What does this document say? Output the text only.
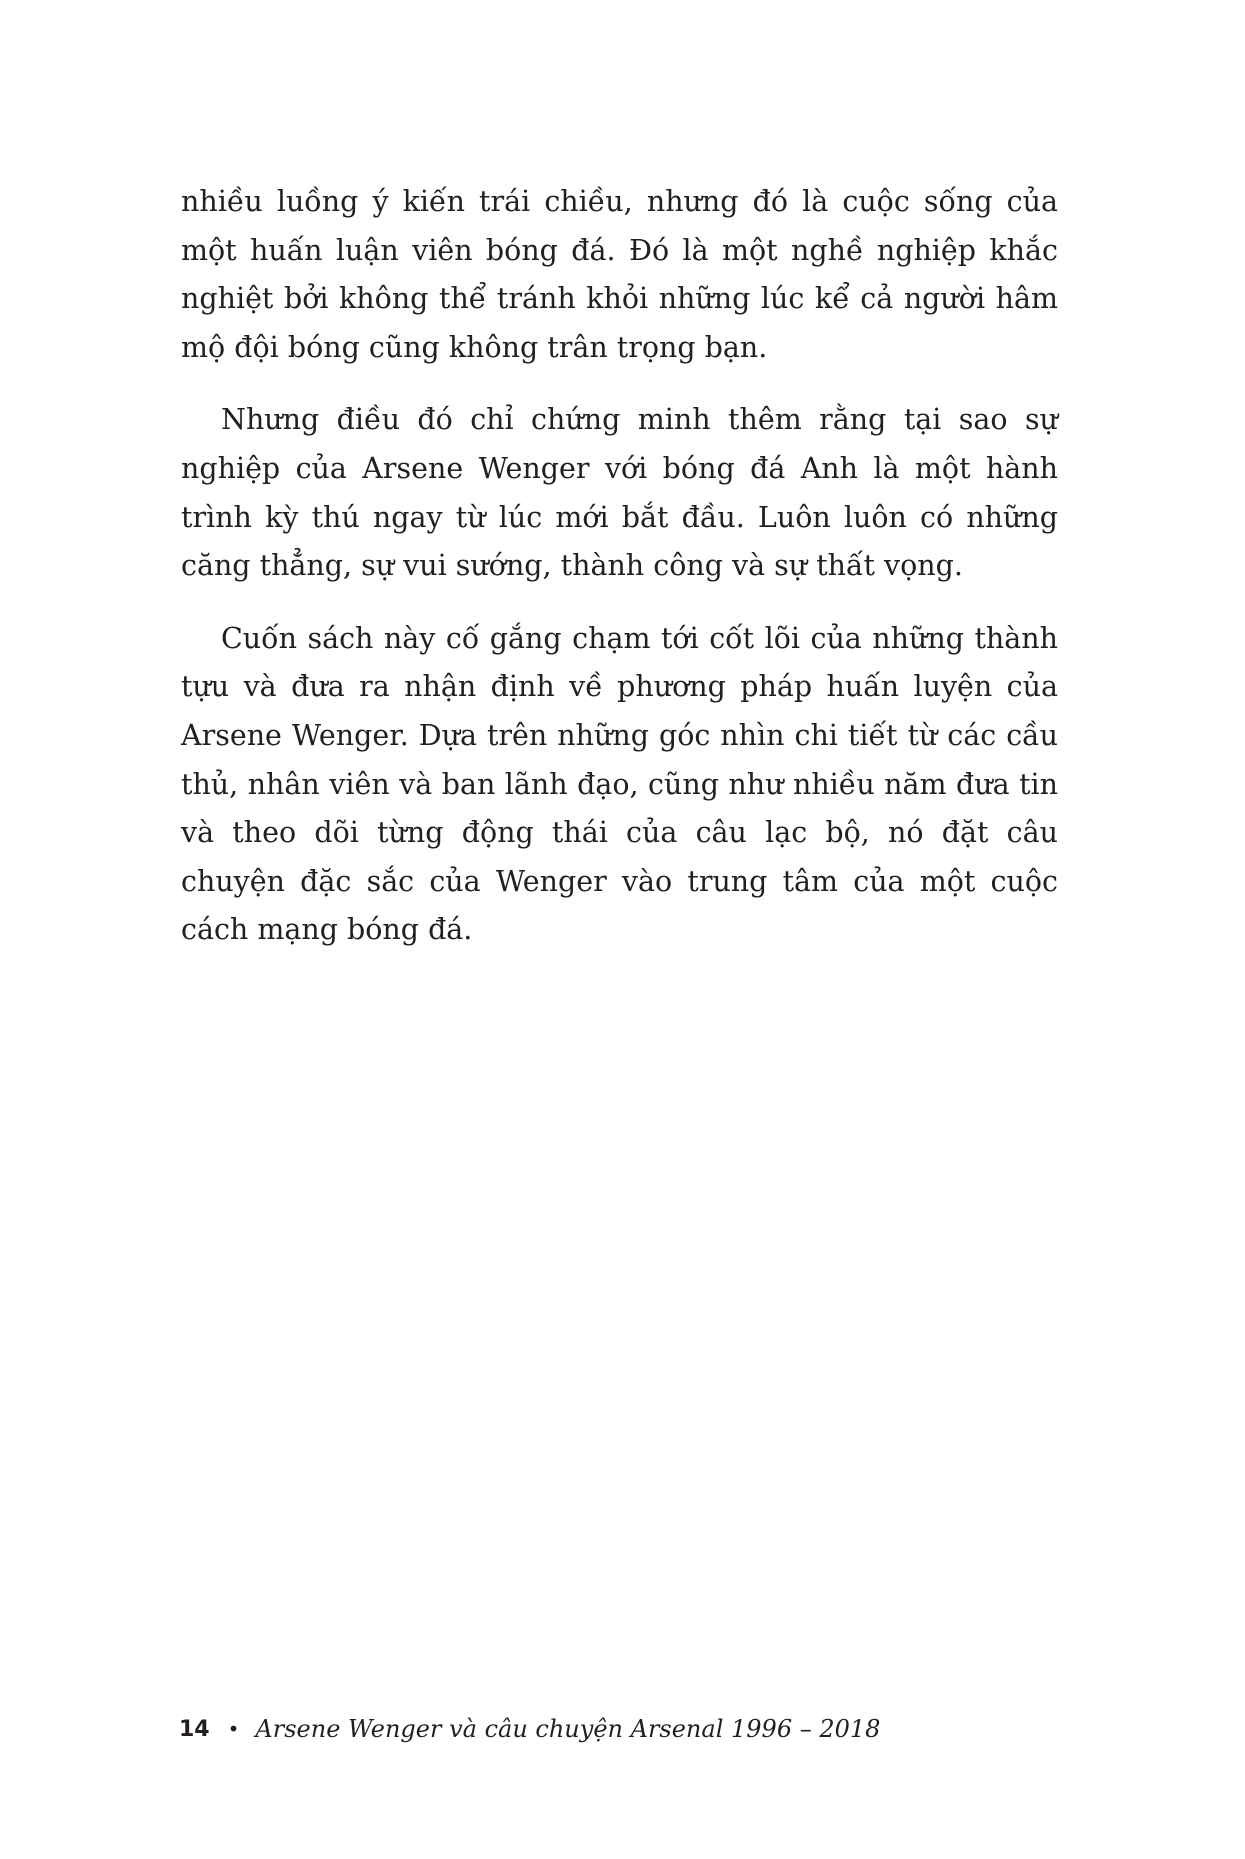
nhiều luồng ý kiến trái chiều, nhưng đó là cuộc sống của một huấn luận viên bóng đá. Đó là một nghề nghiệp khắc nghiệt bởi không thể tránh khỏi những lúc kể cả người hâm mộ đội bóng cũng không trân trọng bạn.

Nhưng điều đó chỉ chứng minh thêm rằng tại sao sự nghiệp của Arsene Wenger với bóng đá Anh là một hành trình kỳ thú ngay từ lúc mới bắt đầu. Luôn luôn có những căng thẳng, sự vui sướng, thành công và sự thất vọng.

Cuốn sách này cố gắng chạm tới cốt lõi của những thành tựu và đưa ra nhận định về phương pháp huấn luyện của Arsene Wenger. Dựa trên những góc nhìn chi tiết từ các cầu thủ, nhân viên và ban lãnh đạo, cũng như nhiều năm đưa tin và theo dõi từng động thái của câu lạc bộ, nó đặt câu chuyện đặc sắc của Wenger vào trung tâm của một cuộc cách mạng bóng đá.

14 • Arsene Wenger và câu chuyện Arsenal 1996 – 2018
